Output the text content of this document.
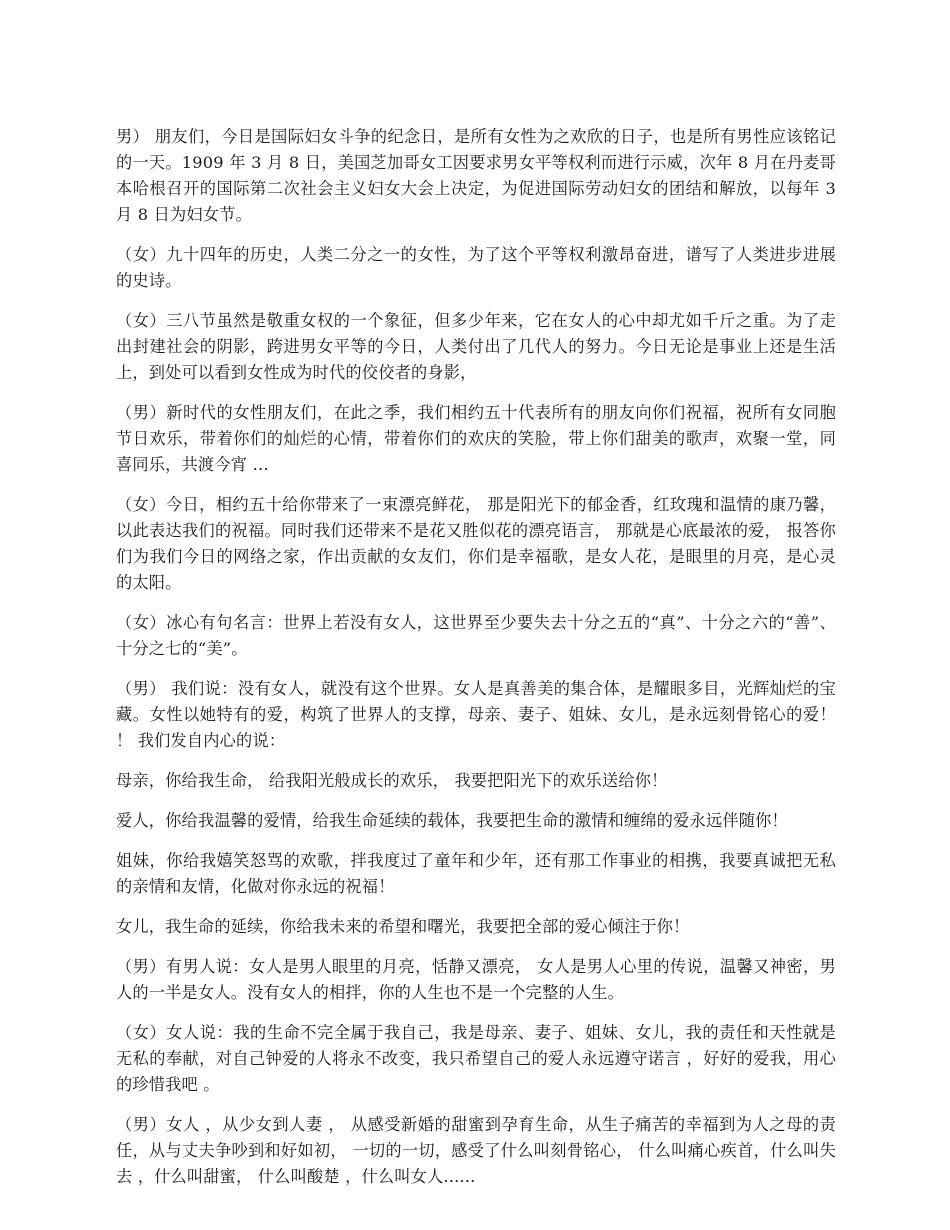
男） 朋友们，今日是国际妇女斗争的纪念日，是所有女性为之欢欣的日子，也是所有男性应该铭记的一天。1909 年 3 月 8 日，美国芝加哥女工因要求男女平等权利而进行示威，次年 8 月在丹麦哥本哈根召开的国际第二次社会主义妇女大会上决定，为促进国际劳动妇女的团结和解放，以每年 3 月 8 日为妇女节。

（女）九十四年的历史，人类二分之一的女性，为了这个平等权利激昂奋进，谱写了人类进步进展的史诗。

（女）三八节虽然是敬重女权的一个象征，但多少年来，它在女人的心中却尤如千斤之重。为了走出封建社会的阴影，跨进男女平等的今日，人类付出了几代人的努力。今日无论是事业上还是生活上，到处可以看到女性成为时代的佼佼者的身影，

（男）新时代的女性朋友们，在此之季，我们相约五十代表所有的朋友向你们祝福，祝所有女同胞节日欢乐，带着你们的灿烂的心情，带着你们的欢庆的笑脸，带上你们甜美的歌声，欢聚一堂，同喜同乐，共渡今宵 …

（女）今日，相约五十给你带来了一束漂亮鲜花， 那是阳光下的郁金香，红玫瑰和温情的康乃馨，以此表达我们的祝福。同时我们还带来不是花又胜似花的漂亮语言， 那就是心底最浓的爱， 报答你们为我们今日的网络之家，作出贡献的女友们，你们是幸福歌，是女人花，是眼里的月亮，是心灵的太阳。

（女）冰心有句名言：世界上若没有女人，这世界至少要失去十分之五的“真”、十分之六的“善”、十分之七的“美”。

（男） 我们说：没有女人，就没有这个世界。女人是真善美的集合体，是耀眼多目，光辉灿烂的宝藏。女性以她特有的爱，构筑了世界人的支撑，母亲、妻子、姐妹、女儿，是永远刻骨铭心的爱！ ！ 我们发自内心的说：

母亲，你给我生命， 给我阳光般成长的欢乐， 我要把阳光下的欢乐送给你！

爱人，你给我温馨的爱情，给我生命延续的载体，我要把生命的激情和缠绵的爱永远伴随你！

姐妹，你给我嬉笑怒骂的欢歌，拌我度过了童年和少年，还有那工作事业的相携，我要真诚把无私的亲情和友情，化做对你永远的祝福！

女儿，我生命的延续，你给我未来的希望和曙光，我要把全部的爱心倾注于你！

（男）有男人说：女人是男人眼里的月亮，恬静又漂亮， 女人是男人心里的传说，温馨又神密，男人的一半是女人。没有女人的相拌，你的人生也不是一个完整的人生。

（女）女人说：我的生命不完全属于我自己，我是母亲、妻子、姐妹、女儿，我的责任和天性就是无私的奉献，对自己钟爱的人将永不改变，我只希望自己的爱人永远遵守诺言 ，好好的爱我，用心的珍惜我吧 。

（男）女人 ，从少女到人妻 ， 从感受新婚的甜蜜到孕育生命，从生子痛苦的幸福到为人之母的责任，从与丈夫争吵到和好如初， 一切的一切，感受了什么叫刻骨铭心， 什么叫痛心疾首，什么叫失去 ，什么叫甜蜜， 什么叫酸楚 ，什么叫女人......
